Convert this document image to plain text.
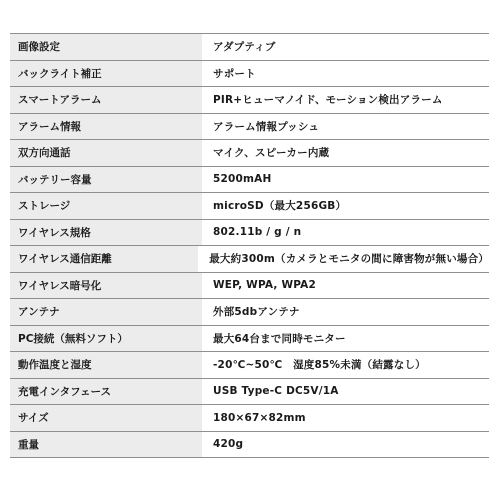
画像設定	アダプティブ
バックライト補正	サポート
スマートアラーム	PIR+ヒューマノイド、モーション検出アラーム
アラーム情報	アラーム情報プッシュ
双方向通話	マイク、スピーカー内蔵
バッテリー容量	5200mAH
ストレージ	microSD（最大256GB）
ワイヤレス規格	802.11b / g / n
ワイヤレス通信距離	最大約300m（カメラとモニタの間に障害物が無い場合）
ワイヤレス暗号化	WEP, WPA, WPA2
アンテナ	外部5dbアンテナ
PC接続（無料ソフト）	最大64台まで同時モニター
動作温度と湿度	-20℃~50℃　湿度85%未満（結露なし）
充電インタフェース	USB Type-C DC5V/1A
サイズ	180×67×82mm
重量	420g
